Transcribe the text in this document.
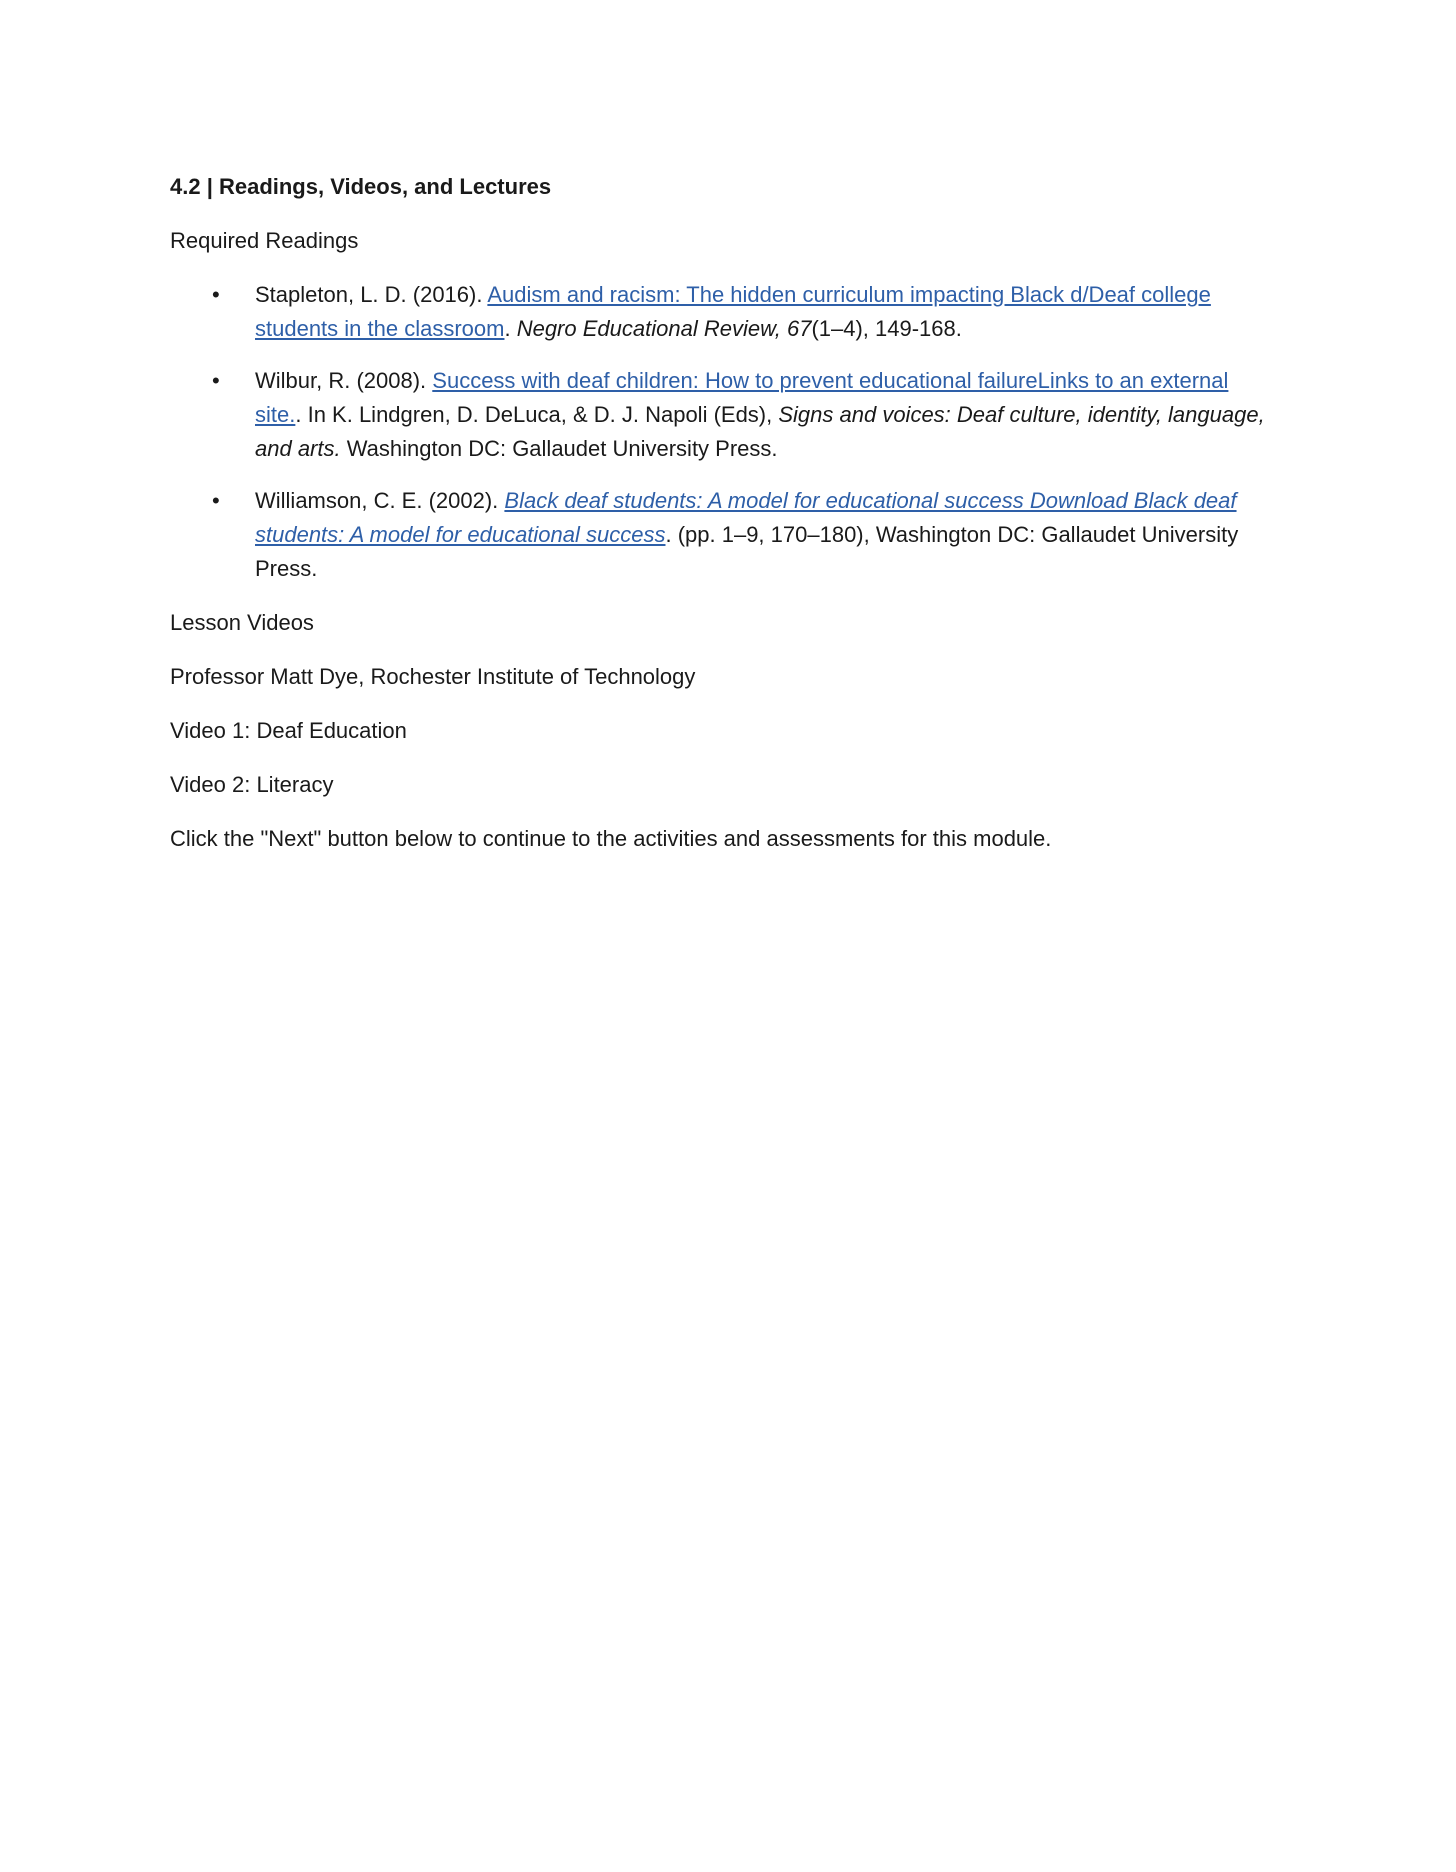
4.2 | Readings, Videos, and Lectures
Required Readings
• Stapleton, L. D. (2016). Audism and racism: The hidden curriculum impacting Black d/Deaf college students in the classroom. Negro Educational Review, 67(1–4), 149-168.
• Wilbur, R. (2008). Success with deaf children: How to prevent educational failureLinks to an external site.. In K. Lindgren, D. DeLuca, & D. J. Napoli (Eds), Signs and voices: Deaf culture, identity, language, and arts. Washington DC: Gallaudet University Press.
• Williamson, C. E. (2002). Black deaf students: A model for educational success Download Black deaf students: A model for educational success. (pp. 1–9, 170–180), Washington DC: Gallaudet University Press.
Lesson Videos
Professor Matt Dye, Rochester Institute of Technology
Video 1: Deaf Education
Video 2: Literacy
Click the "Next" button below to continue to the activities and assessments for this module.
